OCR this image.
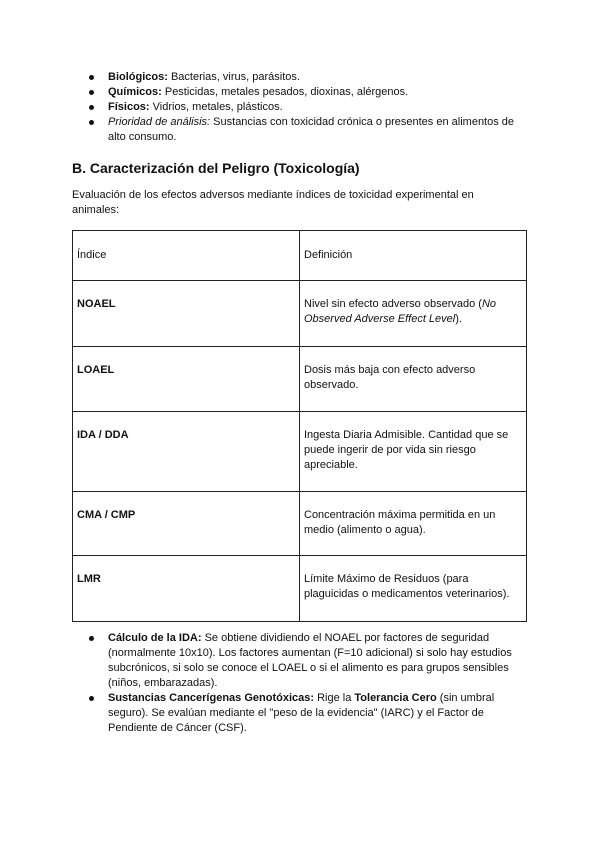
Biológicos: Bacterias, virus, parásitos.
Químicos: Pesticidas, metales pesados, dioxinas, alérgenos.
Físicos: Vidrios, metales, plásticos.
Prioridad de análisis: Sustancias con toxicidad crónica o presentes en alimentos de alto consumo.
B. Caracterización del Peligro (Toxicología)

Evaluación de los efectos adversos mediante índices de toxicidad experimental en animales:

Índice	Definición
NOAEL	Nivel sin efecto adverso observado (No Observed Adverse Effect Level).
LOAEL	Dosis más baja con efecto adverso observado.
IDA / DDA	Ingesta Diaria Admisible. Cantidad que se puede ingerir de por vida sin riesgo apreciable.
CMA / CMP	Concentración máxima permitida en un medio (alimento o agua).
LMR	Límite Máximo de Residuos (para plaguicidas o medicamentos veterinarios).
Cálculo de la IDA: Se obtiene dividiendo el NOAEL por factores de seguridad (normalmente 10x10). Los factores aumentan (F=10 adicional) si solo hay estudios subcrónicos, si solo se conoce el LOAEL o si el alimento es para grupos sensibles (niños, embarazadas).
Sustancias Cancerígenas Genotóxicas: Rige la Tolerancia Cero (sin umbral seguro). Se evalúan mediante el "peso de la evidencia" (IARC) y el Factor de Pendiente de Cáncer (CSF).
